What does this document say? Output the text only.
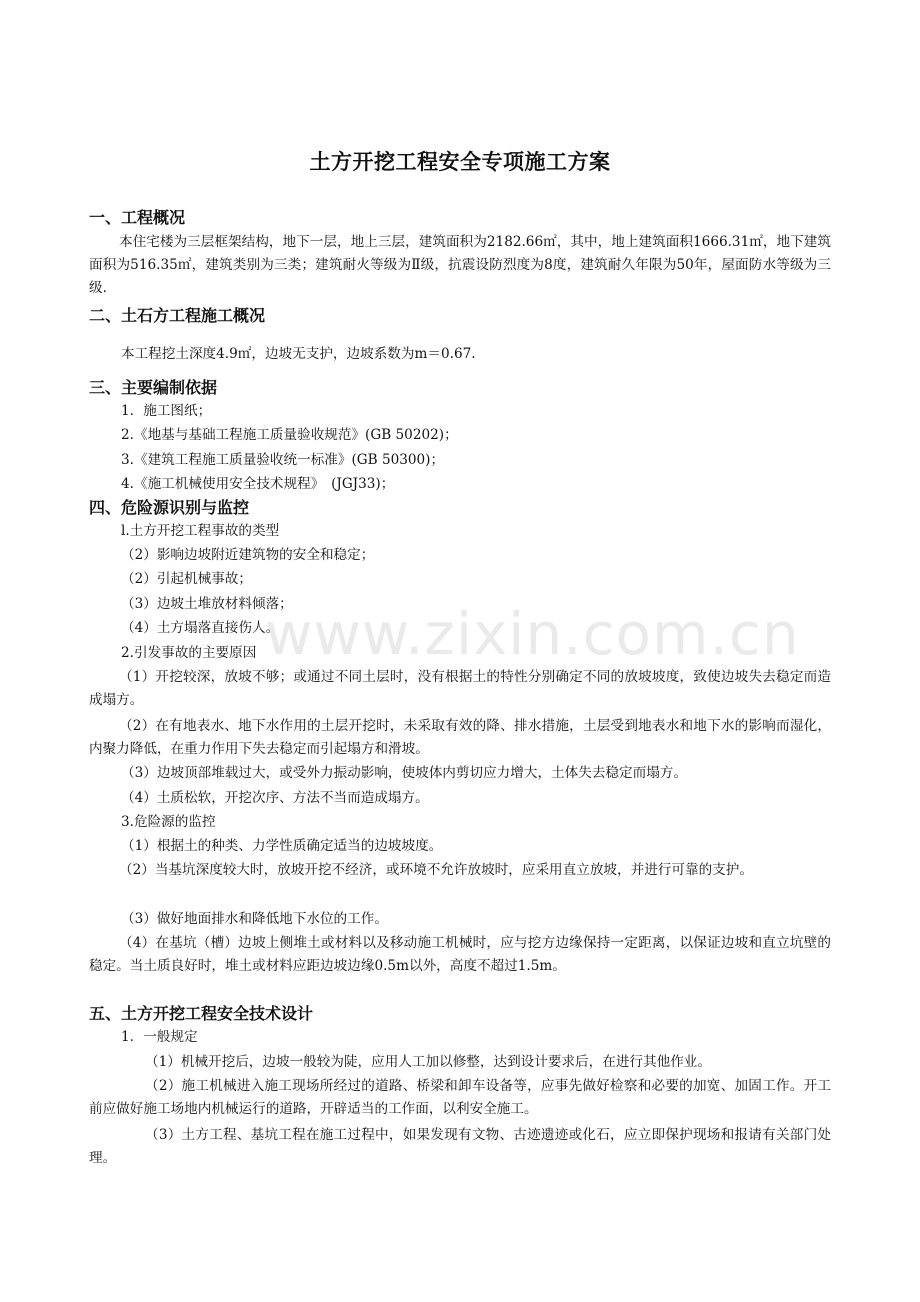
www.zixin.com.cn
土方开挖工程安全专项施工方案
一、工程概况
本住宅楼为三层框架结构，地下一层，地上三层，建筑面积为2182.66㎡，其中，地上建筑面积1666.31㎡，地下建筑面积为516.35㎡，建筑类别为三类；建筑耐火等级为Ⅱ级，抗震设防烈度为8度，建筑耐久年限为50年，屋面防水等级为三级.
二、土石方工程施工概况
本工程挖土深度4.9㎡，边坡无支护，边坡系数为m＝0.67.
三、主要编制依据
1．施工图纸；
2.《地基与基础工程施工质量验收规范》(GB 50202)；
3.《建筑工程施工质量验收统一标准》(GB 50300)；
4.《施工机械使用安全技术规程》　(JGJ33)；
四、危险源识别与监控
l.土方开挖工程事故的类型
（2）影响边坡附近建筑物的安全和稳定；
（2）引起机械事故；
（3）边坡土堆放材料倾落；
（4）土方塌落直接伤人。
2.引发事故的主要原因
（1）开挖较深，放坡不够；或通过不同土层时，没有根据土的特性分别确定不同的放坡坡度，致使边坡失去稳定而造成塌方。
（2）在有地表水、地下水作用的土层开挖时，未采取有效的降、排水措施，土层受到地表水和地下水的影响而湿化，内聚力降低，在重力作用下失去稳定而引起塌方和滑坡。
（3）边坡顶部堆载过大，或受外力振动影响，使坡体内剪切应力增大，土体失去稳定而塌方。
（4）土质松软，开挖次序、方法不当而造成塌方。
3.危险源的监控
（1）根据土的种类、力学性质确定适当的边坡坡度。
（2）当基坑深度较大时，放坡开挖不经济，或环境不允许放坡时，应采用直立放坡，并进行可靠的支护。
（3）做好地面排水和降低地下水位的工作。
（4）在基坑（槽）边坡上侧堆土或材料以及移动施工机械时，应与挖方边缘保持一定距离，以保证边坡和直立坑壁的稳定。当土质良好时，堆土或材料应距边坡边缘0.5m以外，高度不超过1.5m。
五、土方开挖工程安全技术设计
1．一般规定
（1）机械开挖后，边坡一般较为陡，应用人工加以修整，达到设计要求后，在进行其他作业。
（2）施工机械进入施工现场所经过的道路、桥梁和卸车设备等，应事先做好检察和必要的加宽、加固工作。开工前应做好施工场地内机械运行的道路，开辟适当的工作面，以利安全施工。
（3）土方工程、基坑工程在施工过程中，如果发现有文物、古迹遗迹或化石，应立即保护现场和报请有关部门处理。
